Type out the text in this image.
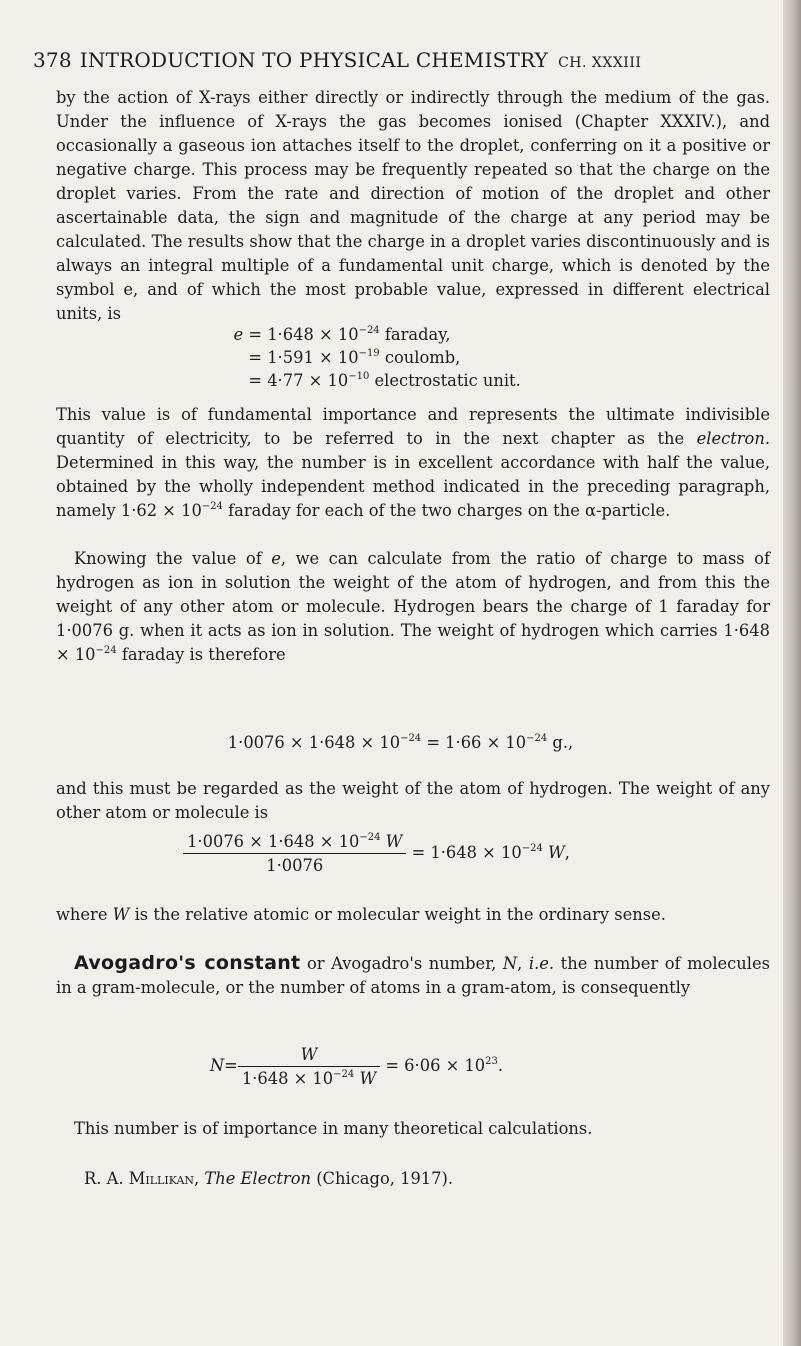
378 INTRODUCTION TO PHYSICAL CHEMISTRY CH. XXXIII

by the action of X-rays either directly or indirectly through the medium of the gas. Under the influence of X-rays the gas becomes ionised (Chapter XXXIV.), and occasionally a gaseous ion attaches itself to the droplet, conferring on it a positive or negative charge. This process may be frequently repeated so that the charge on the droplet varies. From the rate and direction of motion of the droplet and other ascertainable data, the sign and magnitude of the charge at any period may be calculated. The results show that the charge in a droplet varies discontinuously and is always an integral multiple of a fundamental unit charge, which is denoted by the symbol e, and of which the most probable value, expressed in different electrical units, is

$e = 1\cdot 648 \times 10^{-24}$ faraday,
= $1\cdot 591 \times 10^{-19}$ coulomb,
= $4\cdot 77 \times 10^{-10}$ electrostatic unit.

This value is of fundamental importance and represents the ultimate indivisible quantity of electricity, to be referred to in the next chapter as the electron. Determined in this way, the number is in excellent accordance with half the value, obtained by the wholly independent method indicated in the preceding paragraph, namely $1\cdot 62 \times 10^{-24}$ faraday for each of the two charges on the α-particle.

Knowing the value of e, we can calculate from the ratio of charge to mass of hydrogen as ion in solution the weight of the atom of hydrogen, and from this the weight of any other atom or molecule. Hydrogen bears the charge of 1 faraday for 1·0076 g. when it acts as ion in solution. The weight of hydrogen which carries $1\cdot 648 \times 10^{-24}$ faraday is therefore

$1\cdot 0076 \times 1\cdot 648 \times 10^{-24} = 1\cdot 66 \times 10^{-24}$ g.,

and this must be regarded as the weight of the atom of hydrogen. The weight of any other atom or molecule is

$\frac{1\cdot 0076 \times 1\cdot 648 \times 10^{-24} W}{1\cdot 0076} = 1\cdot 648 \times 10^{-24}$ W,

where W is the relative atomic or molecular weight in the ordinary sense.

Avogadro's constant or Avogadro's number, N, i.e. the number of molecules in a gram-molecule, or the number of atoms in a gram-atom, is consequently

$N= \frac{W}{1\cdot 648 \times 10^{-24} W} = 6\cdot 06 \times 10^{23}$.

This number is of importance in many theoretical calculations.

R. A. Millikan, The Electron (Chicago, 1917).
